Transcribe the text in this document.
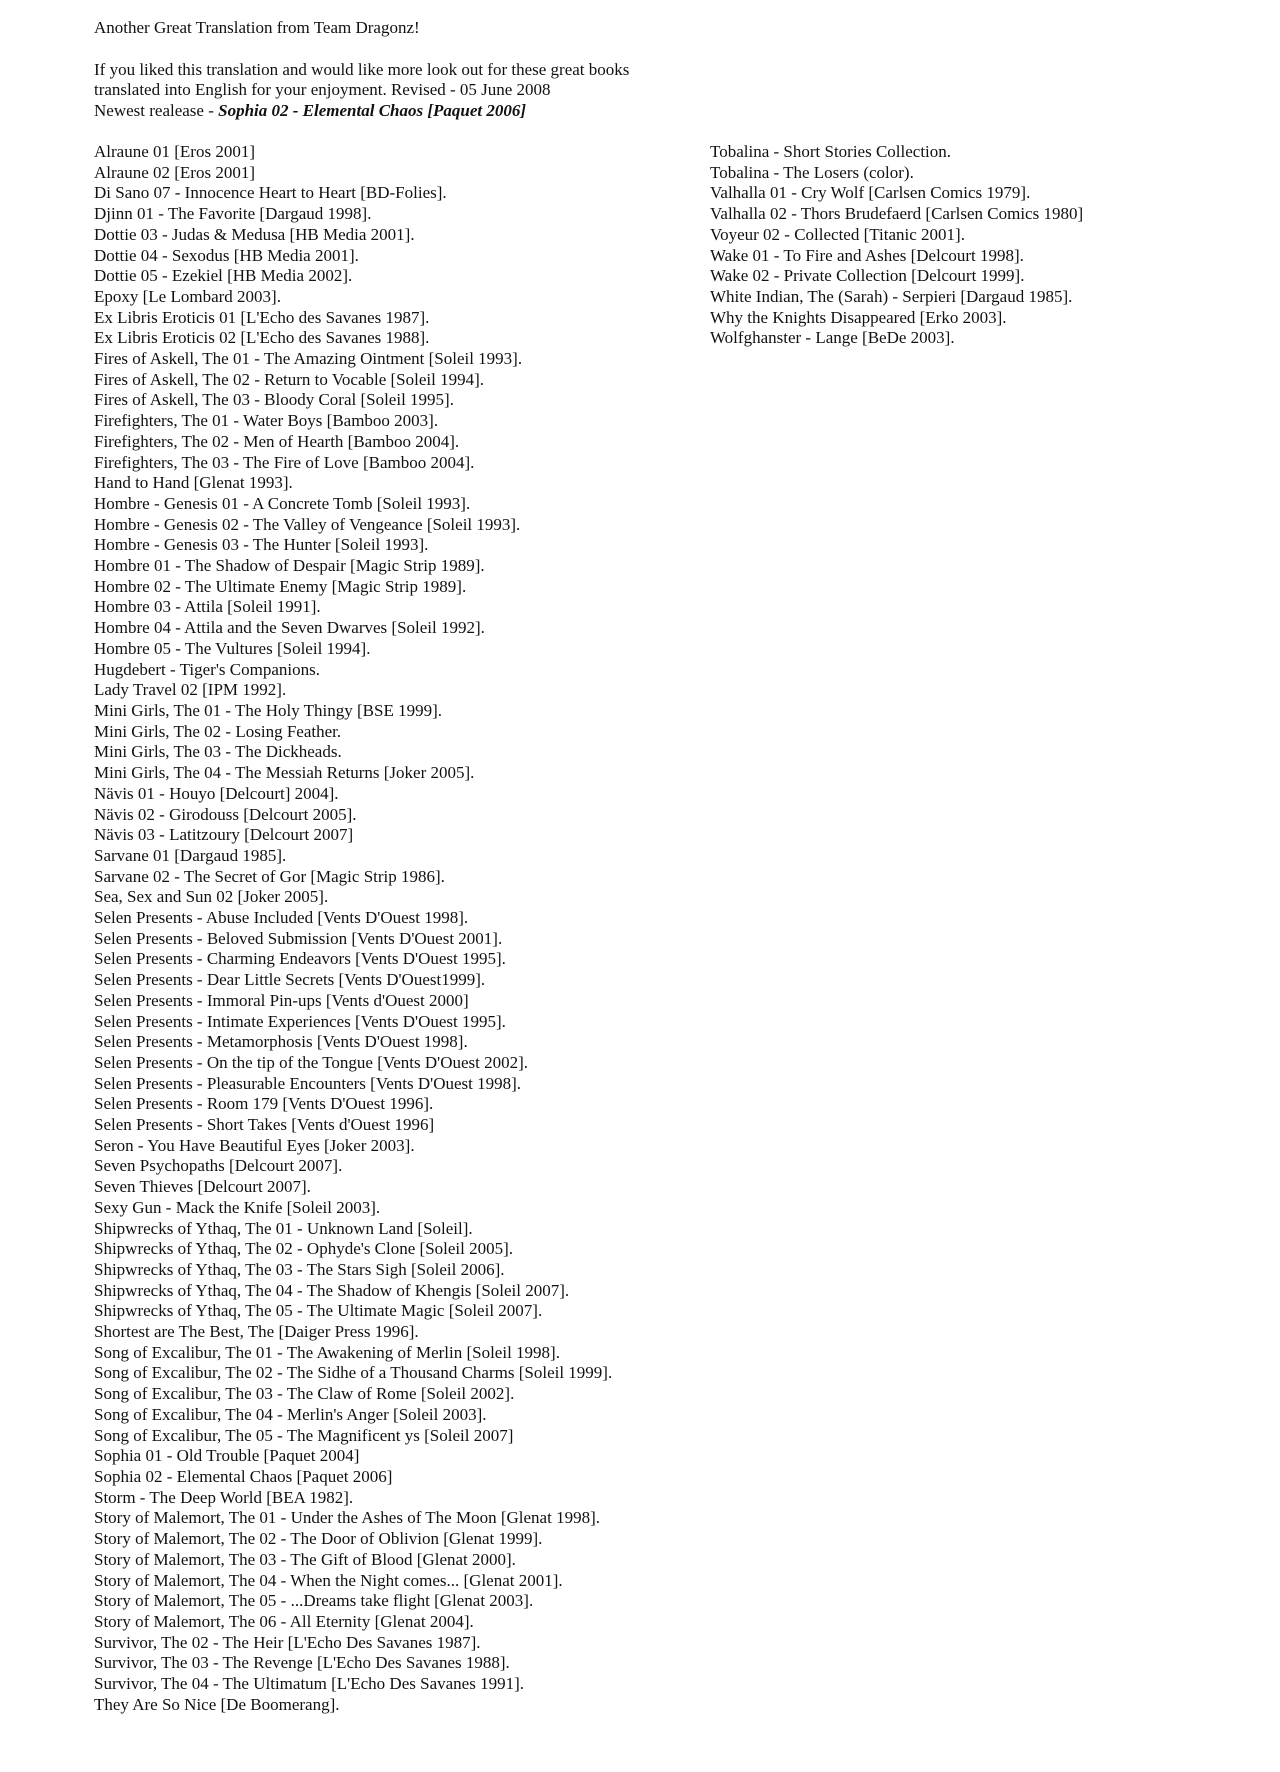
Another Great Translation from Team Dragonz!

If you liked this translation and would like more look out for these great books

translated into English for your enjoyment. Revised - 05 June 2008

Newest realease - Sophia 02 - Elemental Chaos [Paquet 2006]

Alraune 01 [Eros 2001]
Alraune 02 [Eros 2001]
Di Sano 07 - Innocence Heart to Heart [BD-Folies].
Djinn 01 - The Favorite [Dargaud 1998].
Dottie 03 - Judas & Medusa [HB Media 2001].
Dottie 04 - Sexodus [HB Media 2001].
Dottie 05 - Ezekiel [HB Media 2002].
Epoxy [Le Lombard 2003].
Ex Libris Eroticis 01 [L'Echo des Savanes 1987].
Ex Libris Eroticis 02 [L'Echo des Savanes 1988].
Fires of Askell, The 01 - The Amazing Ointment [Soleil 1993].
Fires of Askell, The 02 - Return to Vocable [Soleil 1994].
Fires of Askell, The 03 - Bloody Coral [Soleil 1995].
Firefighters, The 01 - Water Boys [Bamboo 2003].
Firefighters, The 02 - Men of Hearth [Bamboo 2004].
Firefighters, The 03 - The Fire of Love [Bamboo 2004].
Hand to Hand [Glenat 1993].
Hombre - Genesis 01 - A Concrete Tomb [Soleil 1993].
Hombre - Genesis 02 - The Valley of Vengeance [Soleil 1993].
Hombre - Genesis 03 - The Hunter [Soleil 1993].
Hombre 01 - The Shadow of Despair [Magic Strip 1989].
Hombre 02 - The Ultimate Enemy [Magic Strip 1989].
Hombre 03 - Attila [Soleil 1991].
Hombre 04 - Attila and the Seven Dwarves [Soleil 1992].
Hombre 05 - The Vultures [Soleil 1994].
Hugdebert - Tiger's Companions.
Lady Travel 02 [IPM 1992].
Mini Girls, The 01 - The Holy Thingy [BSE 1999].
Mini Girls, The 02 - Losing Feather.
Mini Girls, The 03 - The Dickheads.
Mini Girls, The 04 - The Messiah Returns [Joker 2005].
Nävis 01 - Houyo [Delcourt] 2004].
Nävis 02 - Girodouss [Delcourt 2005].
Nävis 03 - Latitzoury [Delcourt 2007]
Sarvane 01 [Dargaud 1985].
Sarvane 02 - The Secret of Gor [Magic Strip 1986].
Sea, Sex and Sun 02 [Joker 2005].
Selen Presents - Abuse Included [Vents D'Ouest 1998].
Selen Presents - Beloved Submission [Vents D'Ouest 2001].
Selen Presents - Charming Endeavors [Vents D'Ouest 1995].
Selen Presents - Dear Little Secrets [Vents D'Ouest1999].
Selen Presents - Immoral Pin-ups [Vents d'Ouest 2000]
Selen Presents - Intimate Experiences [Vents D'Ouest 1995].
Selen Presents - Metamorphosis [Vents D'Ouest 1998].
Selen Presents - On the tip of the Tongue [Vents D'Ouest 2002].
Selen Presents - Pleasurable Encounters [Vents D'Ouest 1998].
Selen Presents - Room 179 [Vents D'Ouest 1996].
Selen Presents - Short Takes [Vents d'Ouest 1996]
Seron - You Have Beautiful Eyes [Joker 2003].
Seven Psychopaths [Delcourt 2007].
Seven Thieves [Delcourt 2007].
Sexy Gun - Mack the Knife [Soleil 2003].
Shipwrecks of Ythaq, The 01 - Unknown Land [Soleil].
Shipwrecks of Ythaq, The 02 - Ophyde's Clone [Soleil 2005].
Shipwrecks of Ythaq, The 03 - The Stars Sigh [Soleil 2006].
Shipwrecks of Ythaq, The 04 - The Shadow of Khengis [Soleil 2007].
Shipwrecks of Ythaq, The 05 - The Ultimate Magic [Soleil 2007].
Shortest are The Best, The [Daiger Press 1996].
Song of Excalibur, The 01 - The Awakening of Merlin [Soleil 1998].
Song of Excalibur, The 02 - The Sidhe of a Thousand Charms [Soleil 1999].
Song of Excalibur, The 03 - The Claw of Rome [Soleil 2002].
Song of Excalibur, The 04 - Merlin's Anger [Soleil 2003].
Song of Excalibur, The 05 - The Magnificent ys [Soleil 2007]
Sophia 01 - Old Trouble [Paquet 2004]
Sophia 02 - Elemental Chaos [Paquet 2006]
Storm - The Deep World [BEA 1982].
Story of Malemort, The 01 - Under the Ashes of The Moon [Glenat 1998].
Story of Malemort, The 02 - The Door of Oblivion [Glenat 1999].
Story of Malemort, The 03 - The Gift of Blood [Glenat 2000].
Story of Malemort, The 04 - When the Night comes... [Glenat 2001].
Story of Malemort, The 05 - ...Dreams take flight [Glenat 2003].
Story of Malemort, The 06 - All Eternity [Glenat 2004].
Survivor, The 02 - The Heir [L'Echo Des Savanes 1987].
Survivor, The 03 - The Revenge [L'Echo Des Savanes 1988].
Survivor, The 04 - The Ultimatum [L'Echo Des Savanes 1991].
They Are So Nice [De Boomerang].
Tobalina - Short Stories Collection.
Tobalina - The Losers (color).
Valhalla 01 - Cry Wolf [Carlsen Comics 1979].
Valhalla 02 - Thors Brudefaerd [Carlsen Comics 1980]
Voyeur 02 - Collected [Titanic 2001].
Wake 01 - To Fire and Ashes [Delcourt 1998].
Wake 02 - Private Collection [Delcourt 1999].
White Indian, The (Sarah) - Serpieri [Dargaud 1985].
Why the Knights Disappeared [Erko 2003].
Wolfghanster - Lange [BeDe 2003].
